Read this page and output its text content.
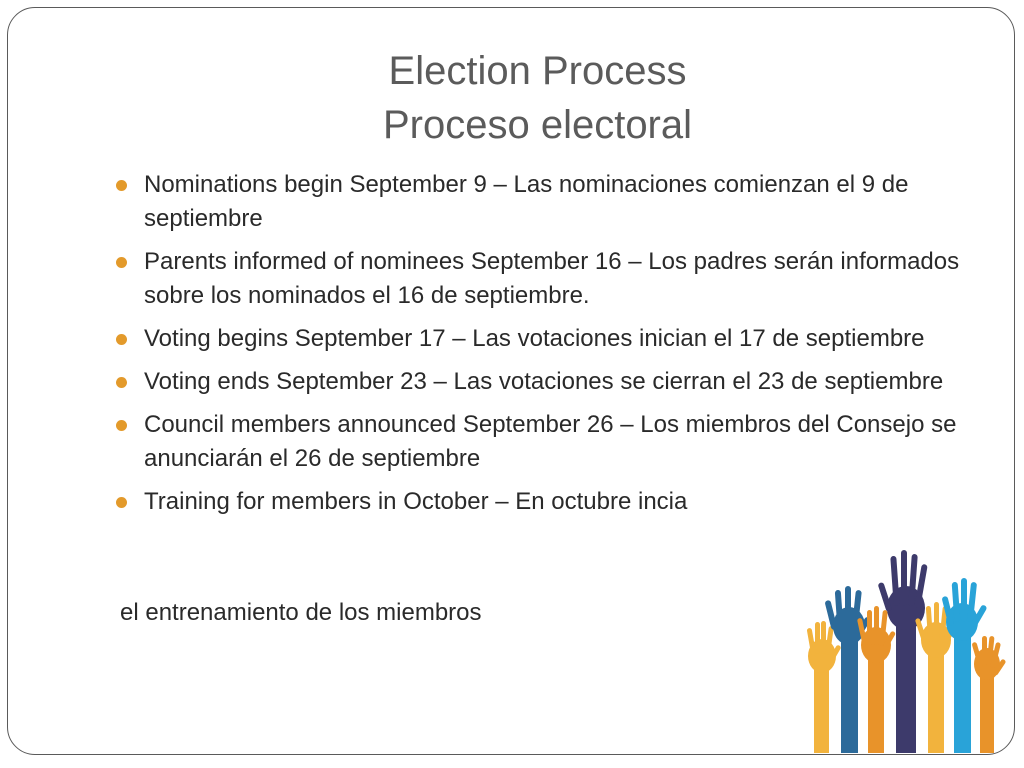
Election Process
Proceso electoral
Nominations begin September 9 – Las nominaciones comienzan el 9 de septiembre
Parents informed of nominees September 16 – Los padres serán informados sobre los nominados el 16 de septiembre.
Voting begins September 17 – Las votaciones inician el 17 de septiembre
Voting ends September 23 – Las votaciones se cierran el 23 de septiembre
Council members announced September 26 – Los miembros del Consejo se anunciarán el 26 de septiembre
Training for members in October – En octubre incia
el entrenamiento de los miembros
